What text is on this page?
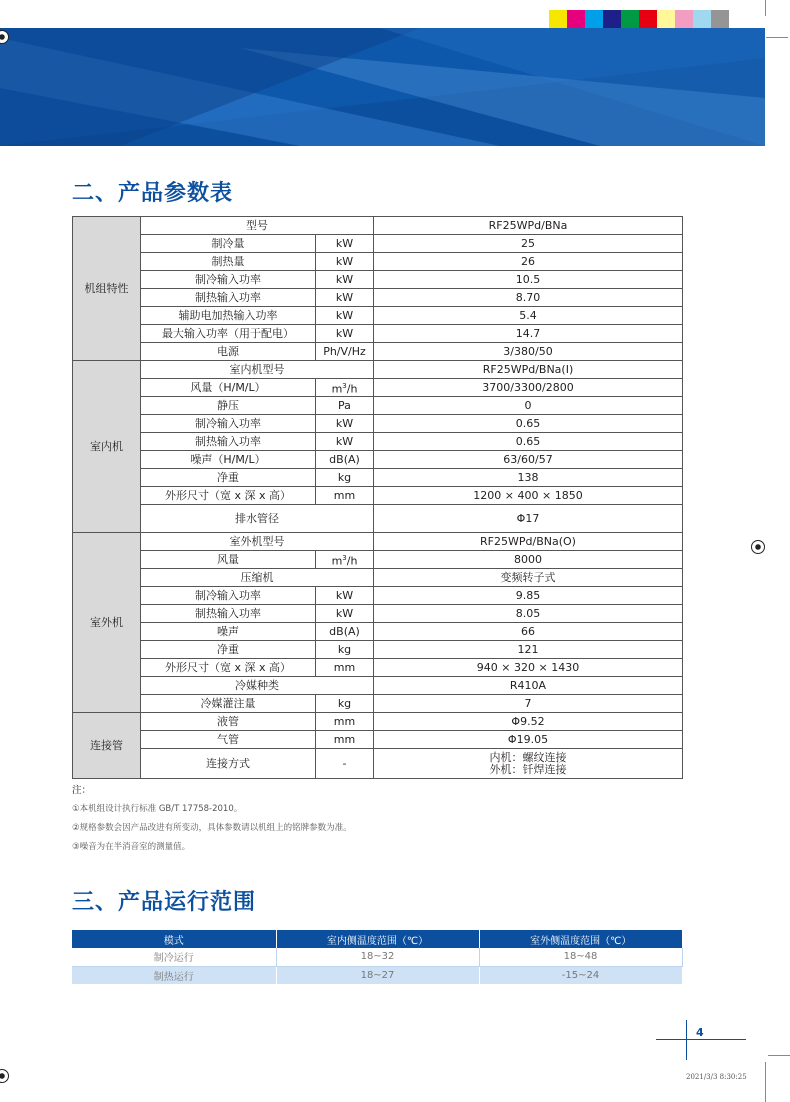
二、产品参数表
机组特性	型号		RF25WPd/BNa
	制冷量	kW	25
	制热量	kW	26
	制冷输入功率	kW	10.5
	制热输入功率	kW	8.70
	辅助电加热输入功率	kW	5.4
	最大输入功率（用于配电）	kW	14.7
	电源	Ph/V/Hz	3/380/50
室内机	室内机型号		RF25WPd/BNa(I)
	风量（H/M/L）	$m^3/h$	3700/3300/2800
	静压	Pa	0
	制冷输入功率	kW	0.65
	制热输入功率	kW	0.65
	噪声（H/M/L）	dB(A)	63/60/57
	净重	kg	138
	外形尺寸（宽 x 深 x 高）	mm	1200 × 400 × 1850
	排水管径		Φ17
室外机	室外机型号		RF25WPd/BNa(O)
	风量	$m^3/h$	8000
	压缩机		变频转子式
	制冷输入功率	kW	9.85
	制热输入功率	kW	8.05
	噪声	dB(A)	66
	净重	kg	121
	外形尺寸（宽 x 深 x 高）	mm	940 × 320 × 1430
	冷媒种类		R410A
	冷媒灌注量	kg	7
连接管	液管	mm	Φ9.52
	气管	mm	Φ19.05
	连接方式	-	内机：螺纹连接
外机：钎焊连接
注：
①本机组设计执行标准 GB/T 17758-2010。
②规格参数会因产品改进有所变动，具体参数请以机组上的铭牌参数为准。
③噪音为在半消音室的测量值。
三、产品运行范围
模式	室内侧温度范围（℃）	室外侧温度范围（℃）
制冷运行	18~32	18~48
制热运行	18~27	-15~24
4
2021/3/3 8:30:25
